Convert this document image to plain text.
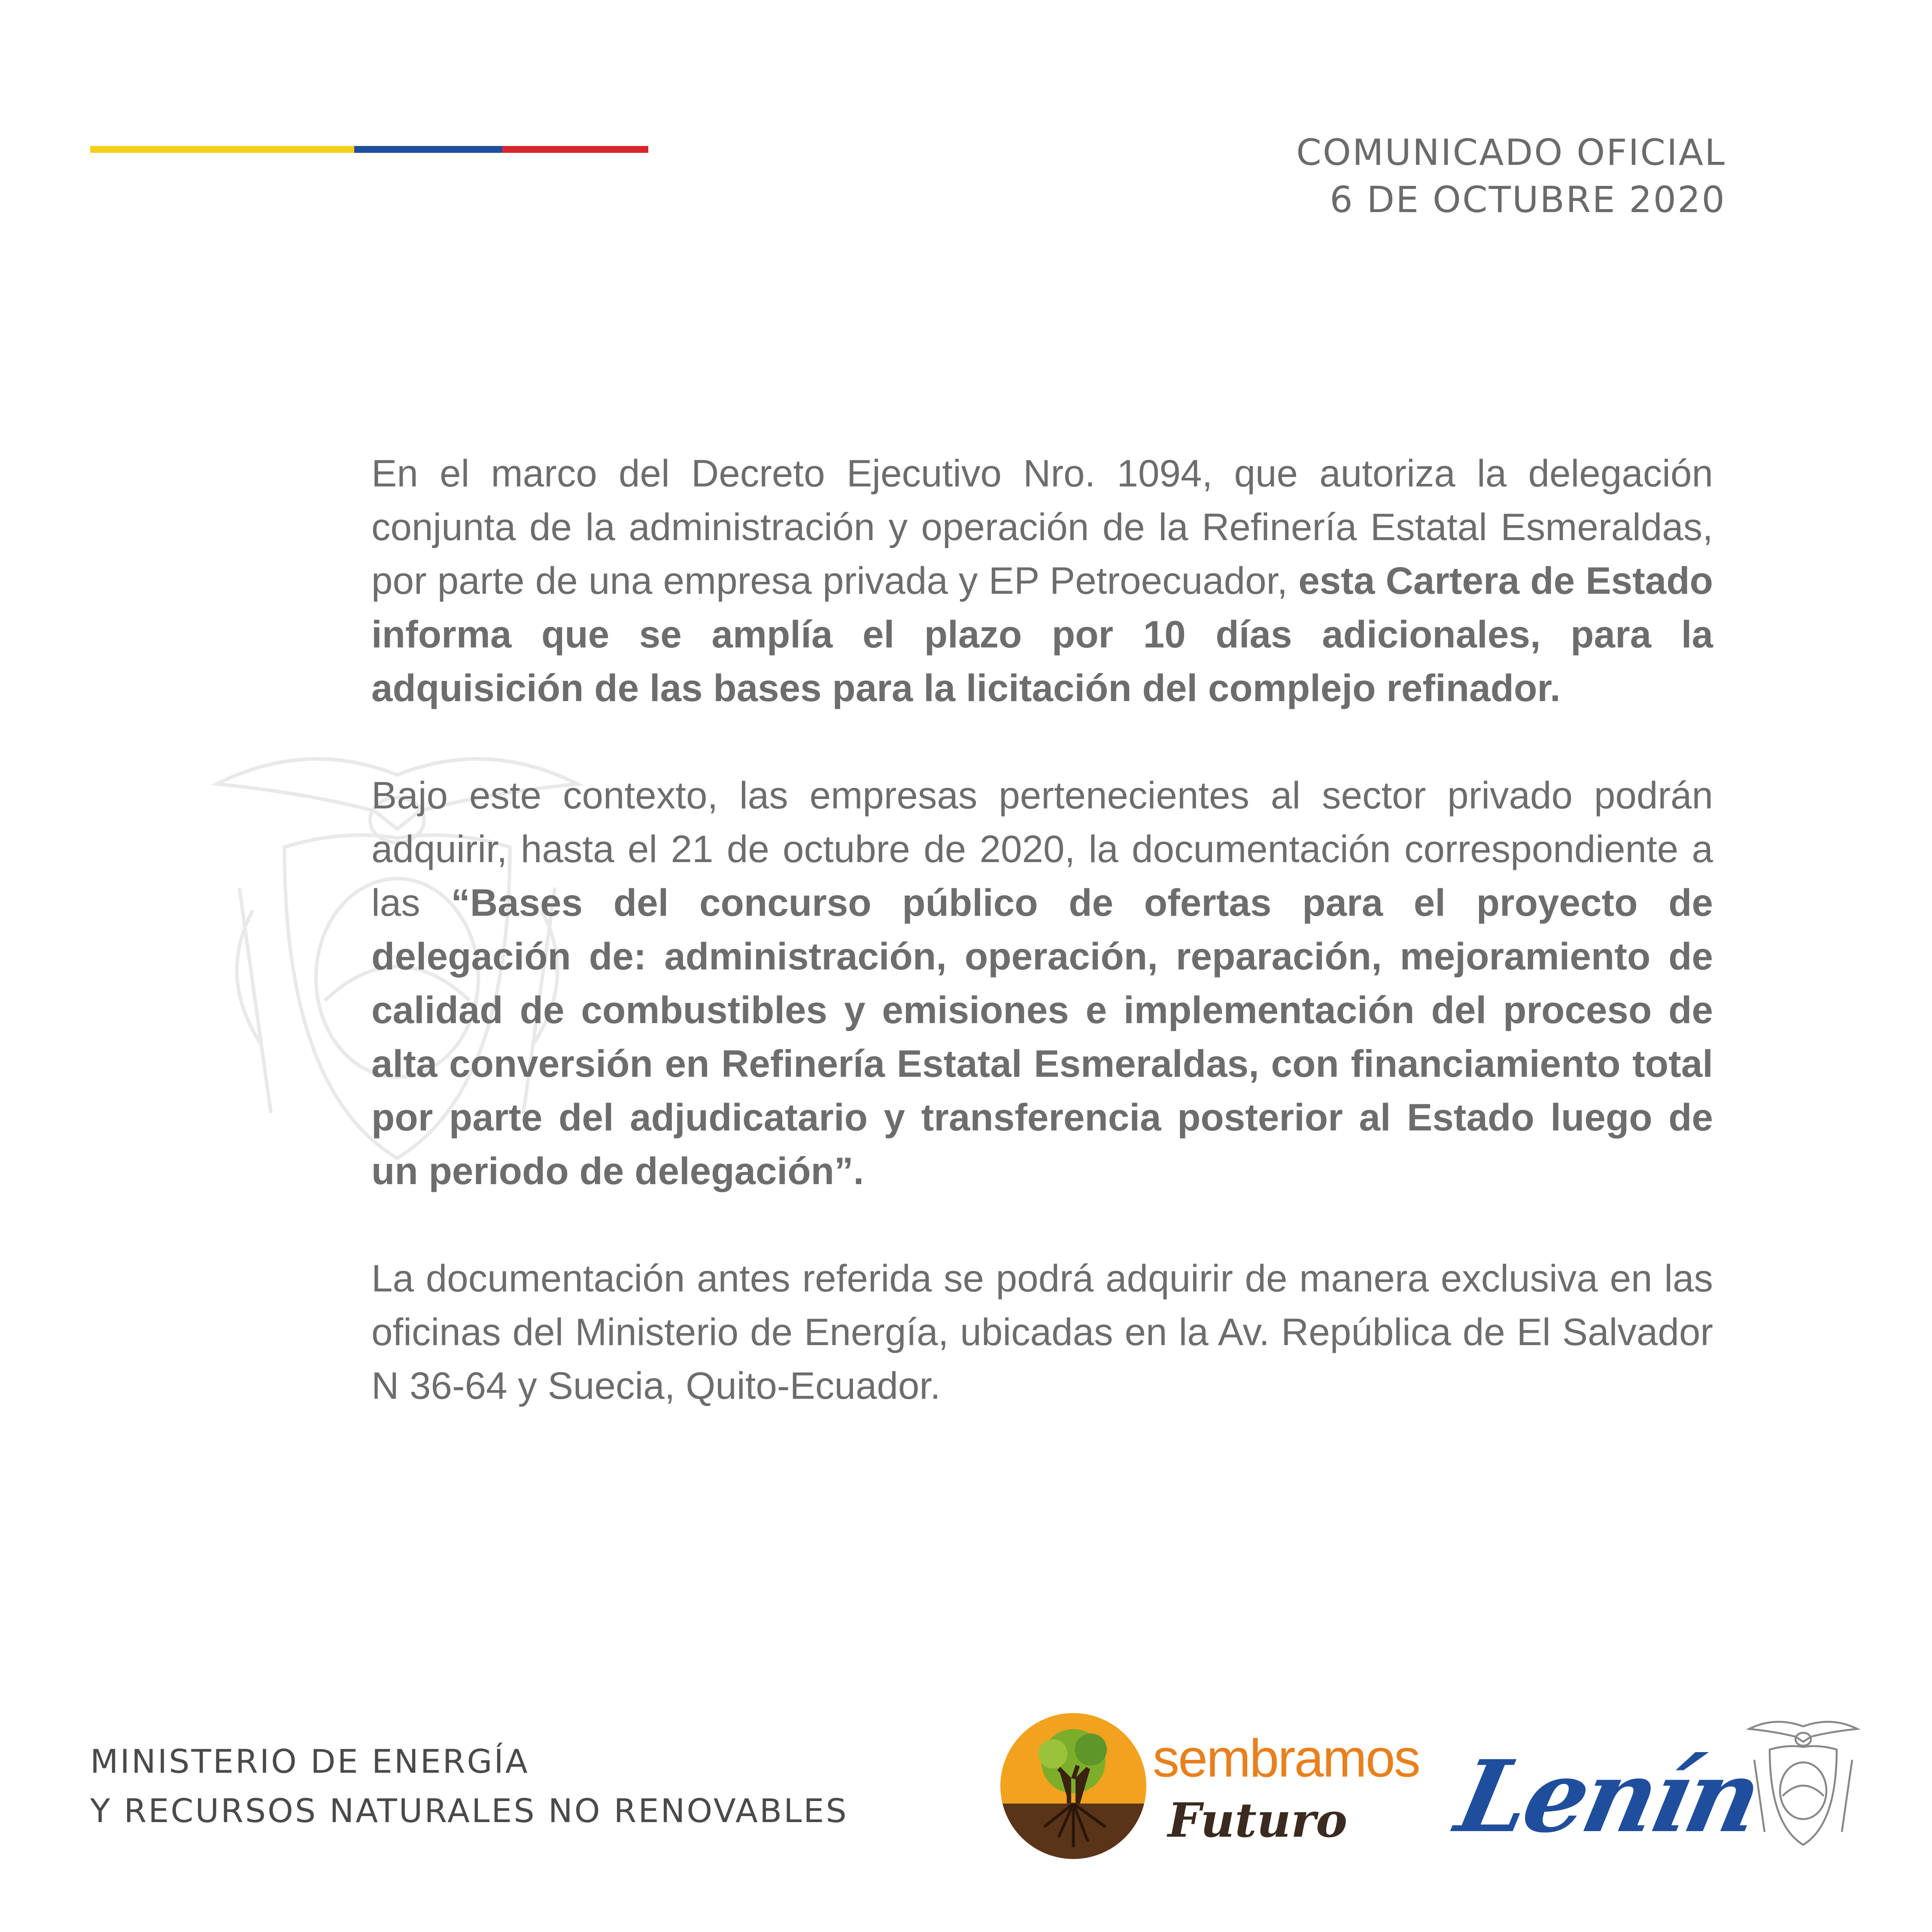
COMUNICADO OFICIAL
6 DE OCTUBRE 2020

En el marco del Decreto Ejecutivo Nro. 1094, que autoriza la delegación conjunta de la administración y operación de la Refinería Estatal Esmeraldas, por parte de una empresa privada y EP Petroecuador, esta Cartera de Estado informa que se amplía el plazo por 10 días adicionales, para la adquisición de las bases para la licitación del complejo refinador.

Bajo este contexto, las empresas pertenecientes al sector privado podrán adquirir, hasta el 21 de octubre de 2020, la documentación correspondiente a las “Bases del concurso público de ofertas para el proyecto de delegación de: administración, operación, reparación, mejoramiento de calidad de combustibles y emisiones e implementación del proceso de alta conversión en Refinería Estatal Esmeraldas, con financiamiento total por parte del adjudicatario y transferencia posterior al Estado luego de un periodo de delegación”.

La documentación antes referida se podrá adquirir de manera exclusiva en las oficinas del Ministerio de Energía, ubicadas en la Av. República de El Salvador N 36-64 y Suecia, Quito-Ecuador.

MINISTERIO DE ENERGÍA
Y RECURSOS NATURALES NO RENOVABLES
sembramos
Futuro Lenín
